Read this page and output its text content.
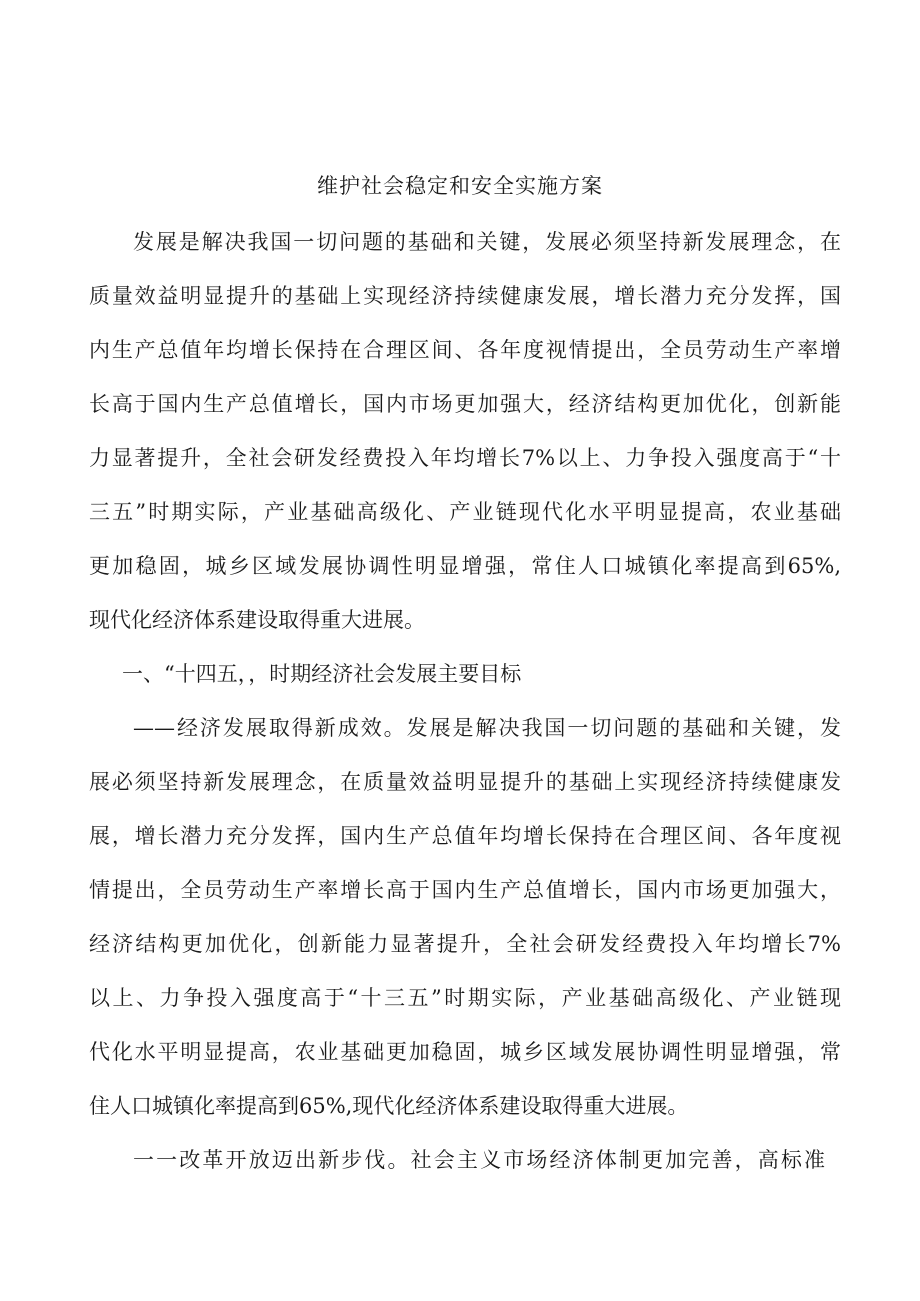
维护社会稳定和安全实施方案
发展是解决我国一切问题的基础和关键，发展必须坚持新发展理念，在
质量效益明显提升的基础上实现经济持续健康发展，增长潜力充分发挥，国
内生产总值年均增长保持在合理区间、各年度视情提出，全员劳动生产率增
长高于国内生产总值增长，国内市场更加强大，经济结构更加优化，创新能
力显著提升，全社会研发经费投入年均增长7%以上、力争投入强度高于“十
三五”时期实际，产业基础高级化、产业链现代化水平明显提高，农业基础
更加稳固，城乡区域发展协调性明显增强，常住人口城镇化率提高到65%,
现代化经济体系建设取得重大进展。
一、“十四五，，时期经济社会发展主要目标
——经济发展取得新成效。发展是解决我国一切问题的基础和关键，发
展必须坚持新发展理念，在质量效益明显提升的基础上实现经济持续健康发
展，增长潜力充分发挥，国内生产总值年均增长保持在合理区间、各年度视
情提出，全员劳动生产率增长高于国内生产总值增长，国内市场更加强大，
经济结构更加优化，创新能力显著提升，全社会研发经费投入年均增长7%
以上、力争投入强度高于“十三五”时期实际，产业基础高级化、产业链现
代化水平明显提高，农业基础更加稳固，城乡区域发展协调性明显增强，常
住人口城镇化率提高到65%,现代化经济体系建设取得重大进展。
一一改革开放迈出新步伐。社会主义市场经济体制更加完善，高标准
